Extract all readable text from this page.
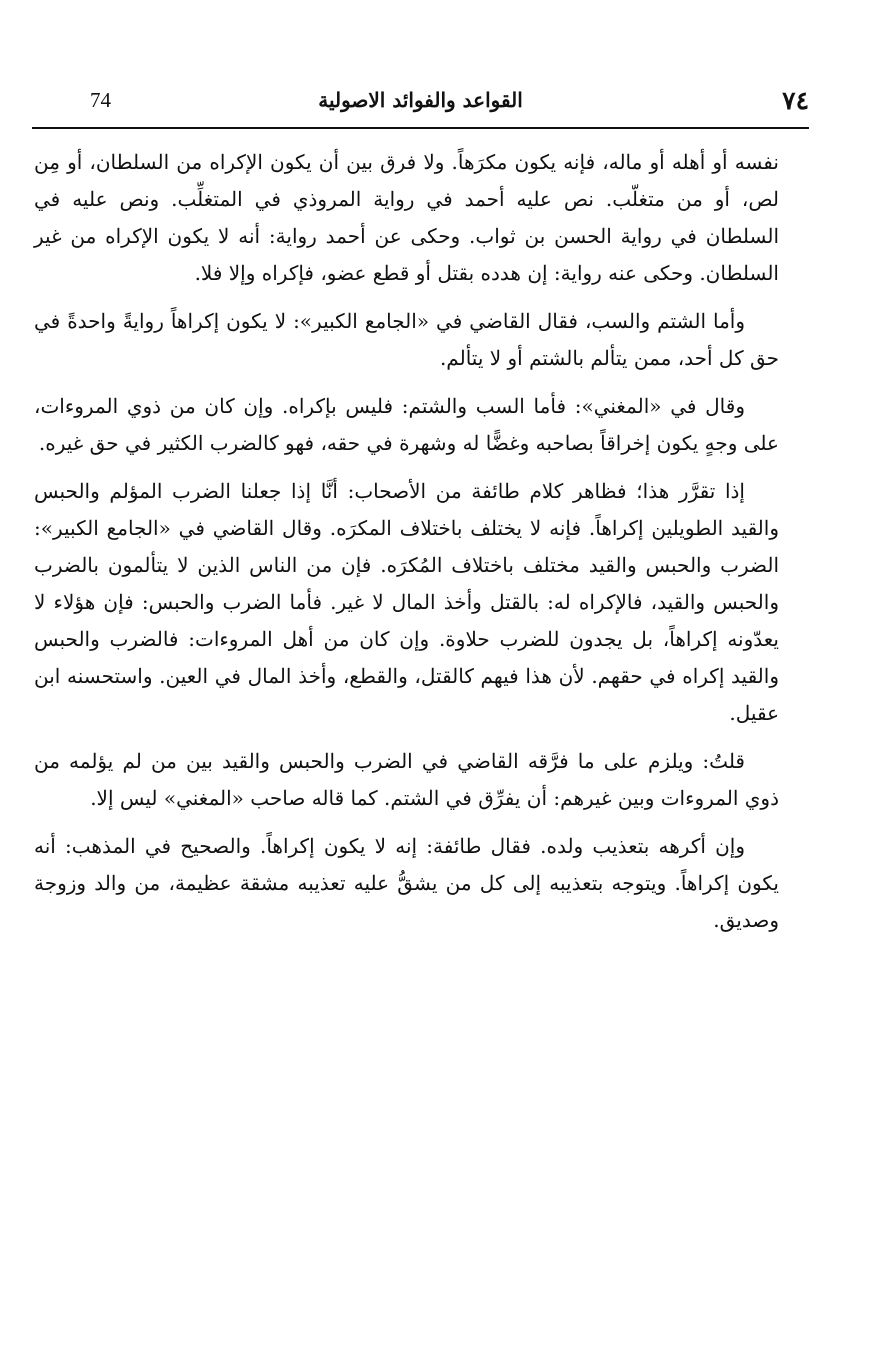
٧٤
القواعد والفوائد الاصولية
74

نفسه أو أهله أو ماله، فإنه يكون مكرَهاً. ولا فرق بين أن يكون الإكراه من السلطان، أو مِن لص، أو من متغلّب. نص عليه أحمد في رواية المروذي في المتغلِّب. ونص عليه في السلطان في رواية الحسن بن ثواب. وحكى عن أحمد رواية: أنه لا يكون الإكراه من غير السلطان. وحكى عنه رواية: إن هدده بقتل أو قطع عضو، فإكراه وإلا فلا.

وأما الشتم والسب، فقال القاضي في «الجامع الكبير»: لا يكون إكراهاً روايةً واحدةً في حق كل أحد، ممن يتألم بالشتم أو لا يتألم.

وقال في «المغني»: فأما السب والشتم: فليس بإكراه. وإن كان من ذوي المروءات، على وجهٍ يكون إخراقاً بصاحبه وغضًّا له وشهرة في حقه، فهو كالضرب الكثير في حق غيره.

إذا تقرَّر هذا؛ فظاهر كلام طائفة من الأصحاب: أنَّا إذا جعلنا الضرب المؤلم والحبس والقيد الطويلين إكراهاً. فإنه لا يختلف باختلاف المكرَه. وقال القاضي في «الجامع الكبير»: الضرب والحبس والقيد مختلف باختلاف المُكرَه. فإن من الناس الذين لا يتألمون بالضرب والحبس والقيد، فالإكراه له: بالقتل وأخذ المال لا غير. فأما الضرب والحبس: فإن هؤلاء لا يعدّونه إكراهاً، بل يجدون للضرب حلاوة. وإن كان من أهل المروءات: فالضرب والحبس والقيد إكراه في حقهم. لأن هذا فيهم كالقتل، والقطع، وأخذ المال في العين. واستحسنه ابن عقيل.

قلتُ: ويلزم على ما فرَّقه القاضي في الضرب والحبس والقيد بين من لم يؤلمه من ذوي المروءات وبين غيرهم: أن يفرِّق في الشتم. كما قاله صاحب «المغني» ليس إلا.

وإن أكرهه بتعذيب ولده. فقال طائفة: إنه لا يكون إكراهاً. والصحيح في المذهب: أنه يكون إكراهاً. ويتوجه بتعذيبه إلى كل من يشقُّ عليه تعذيبه مشقة عظيمة، من والد وزوجة وصديق.
